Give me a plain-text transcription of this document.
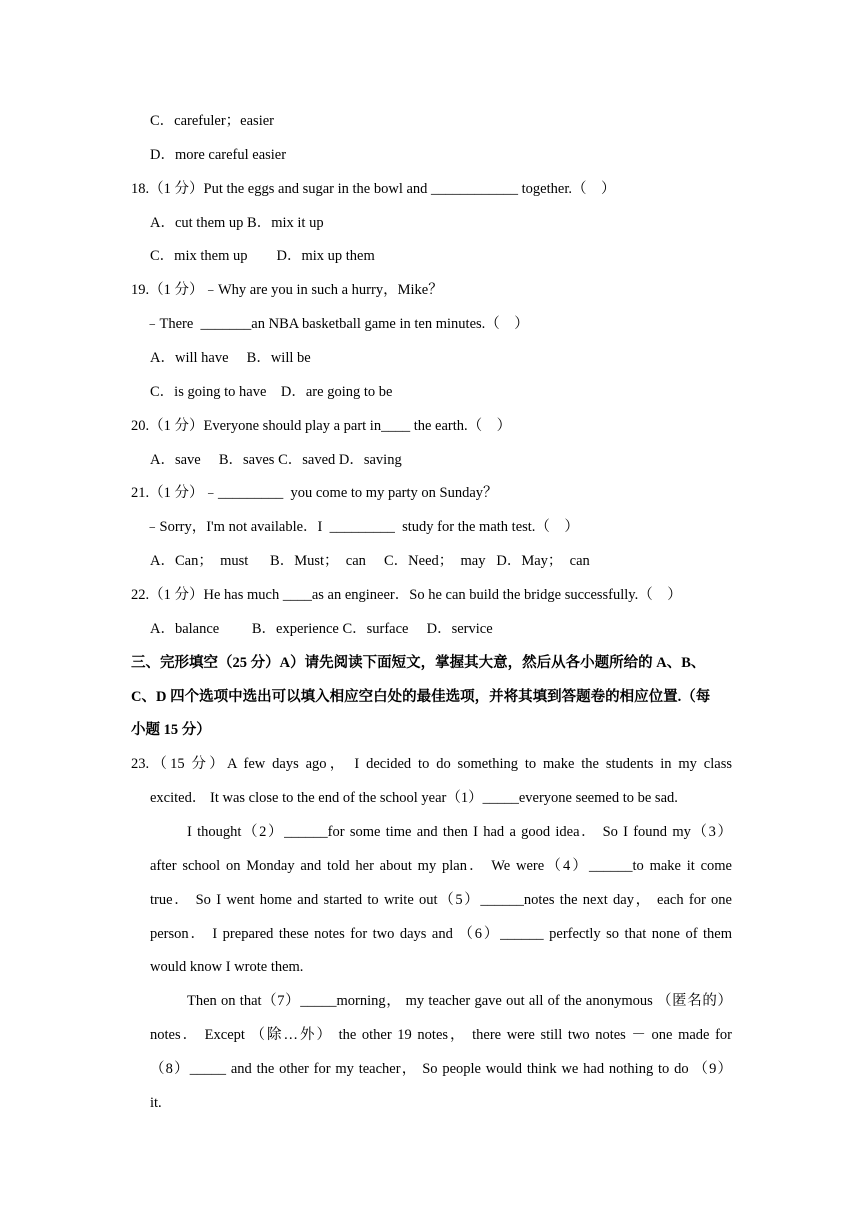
C．carefuler；easier
D．more careful easier
18.（1 分）Put the eggs and sugar in the bowl and ____________ together.（　）
A．cut them up B．mix it up
C．mix them up　　D．mix up them
19.（1 分）﹣Why are you in such a hurry，Mike？
﹣There  _______an NBA basketball game in ten minutes.（　）
A．will have　 B．will be
C．is going to have　D．are going to be
20.（1 分）Everyone should play a part in____ the earth.（　）
A．save　 B．saves C．saved D．saving
21.（1 分）﹣_________  you come to my party on Sunday？
﹣Sorry，I'm not available．I  _________  study for the math test.（　）
A．Can；  must      B．Must；  can     C．Need；  may   D．May；  can
22.（1 分）He has much ____as an engineer．So he can build the bridge successfully.（　）
A．balance　　 B．experience C．surface　 D．service
三、完形填空（25 分）A）请先阅读下面短文，掌握其大意，然后从各小题所给的 A、B、
C、D 四个选项中选出可以填入相应空白处的最佳选项，并将其填到答题卷的相应位置.（每
小题 15 分）
23.（15 分）A few days ago， I decided to do something to make the students in my class
excited． It was close to the end of the school year（1）_____everyone seemed to be sad.
I thought（2）______for some time and then I had a good idea． So I found my（3）
after school on Monday and told her about my plan． We were（4）______to make it come
true． So I went home and started to write out（5）______notes the next day， each for one
person． I prepared these notes for two days and （6）______ perfectly so that none of them
would know I wrote them.
Then on that（7）_____morning， my teacher gave out all of the anonymous （匿名的）
notes． Except （除…外） the other 19 notes， there were still two notes － one made for
（8）_____ and the other for my teacher， So people would think we had nothing to do （9）
it.
